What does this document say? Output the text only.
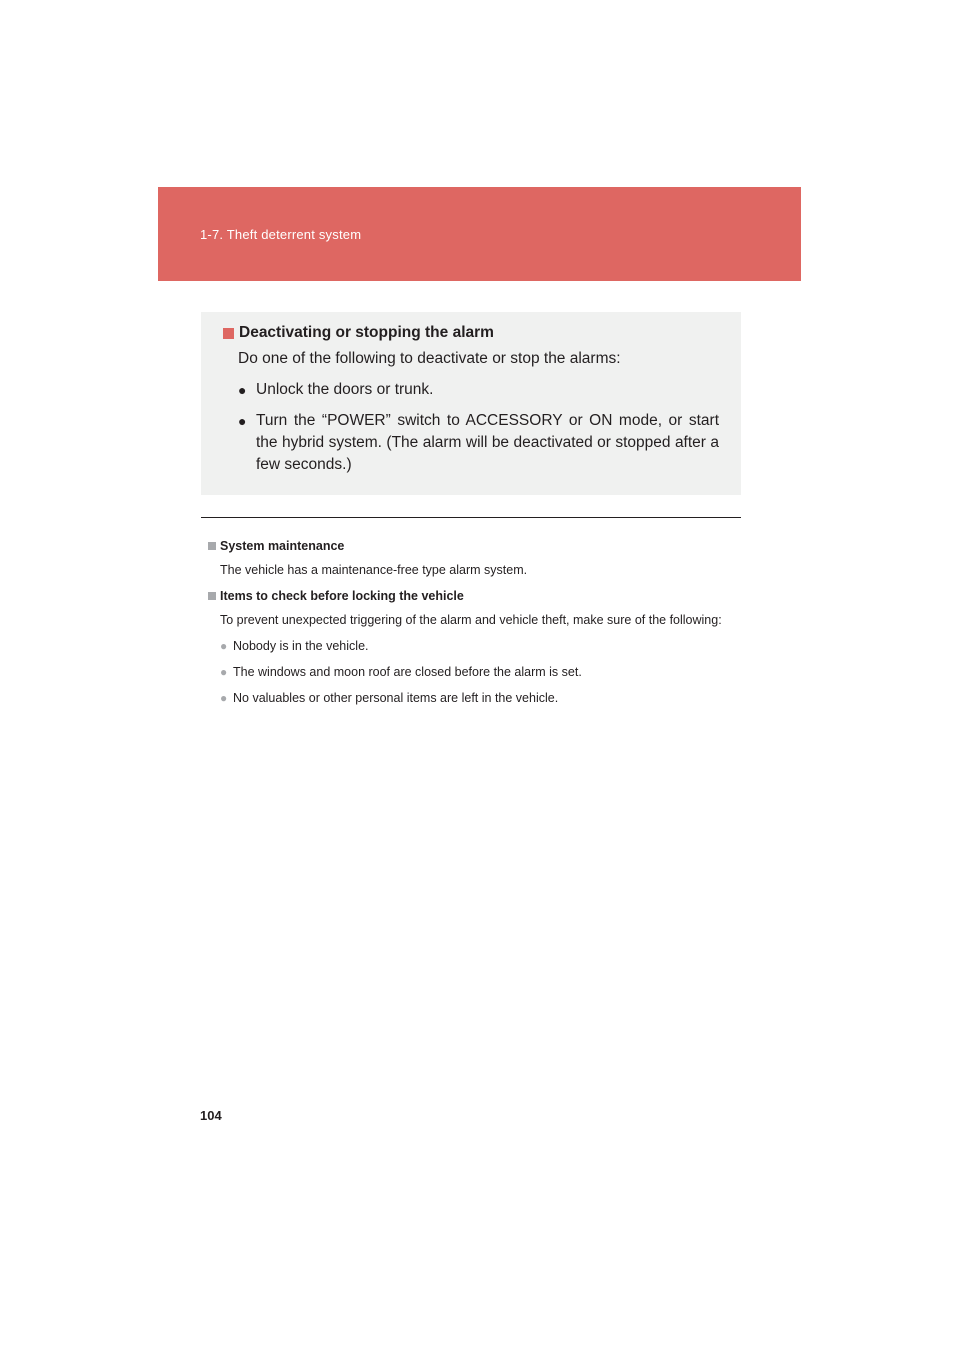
1-7. Theft deterrent system
Deactivating or stopping the alarm
Do one of the following to deactivate or stop the alarms:
● Unlock the doors or trunk.
● Turn the “POWER” switch to ACCESSORY or ON mode, or start the hybrid system. (The alarm will be deactivated or stopped after a few seconds.)
System maintenance
The vehicle has a maintenance-free type alarm system.
Items to check before locking the vehicle
To prevent unexpected triggering of the alarm and vehicle theft, make sure of the following:
● Nobody is in the vehicle.
● The windows and moon roof are closed before the alarm is set.
● No valuables or other personal items are left in the vehicle.
104
